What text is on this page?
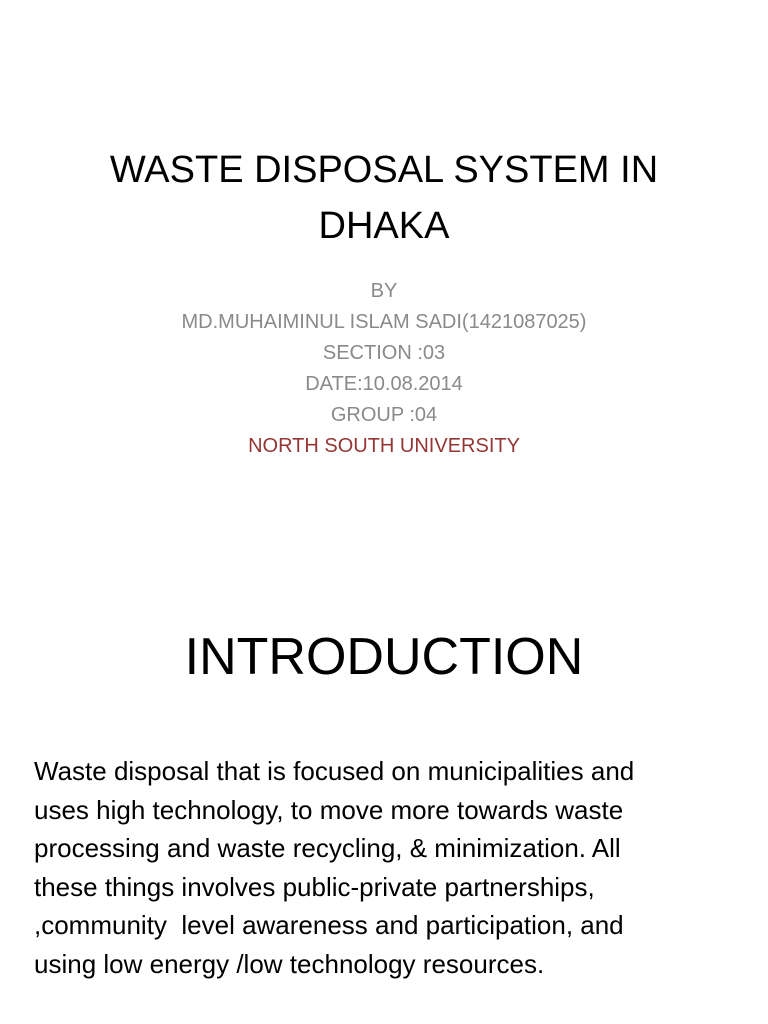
WASTE DISPOSAL SYSTEM IN
DHAKA
BY
MD.MUHAIMINUL ISLAM SADI(1421087025)
SECTION :03
DATE:10.08.2014
GROUP :04
NORTH SOUTH UNIVERSITY
INTRODUCTION
Waste disposal that is focused on municipalities and
uses high technology, to move more towards waste
processing and waste recycling, & minimization. All
these things involves public-private partnerships,
,community  level awareness and participation, and
using low energy /low technology resources.
